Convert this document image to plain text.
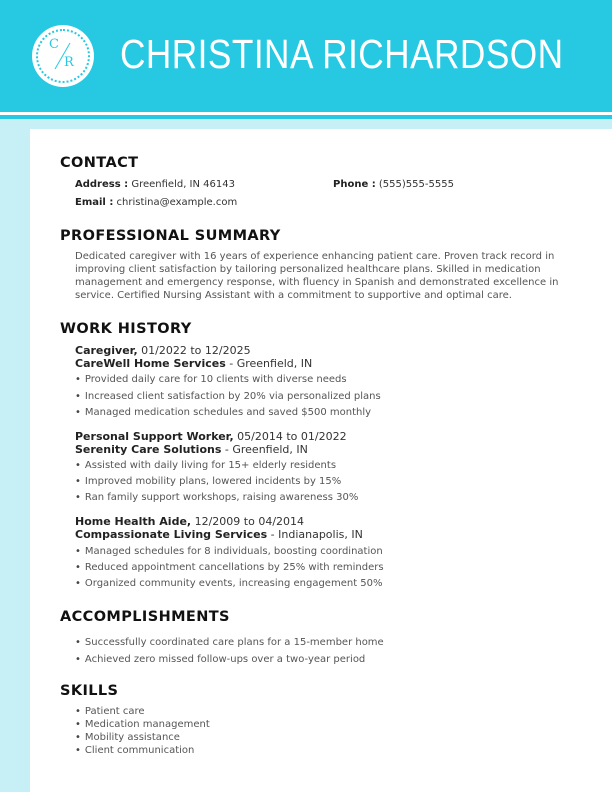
C
R CHRISTINA RICHARDSON
CONTACT
Address : Greenfield, IN 46143	Phone : (555)555-5555
Email : christina@example.com
PROFESSIONAL SUMMARY
Dedicated caregiver with 16 years of experience enhancing patient care. Proven track record in improving client satisfaction by tailoring personalized healthcare plans. Skilled in medication management and emergency response, with fluency in Spanish and demonstrated excellence in service. Certified Nursing Assistant with a commitment to supportive and optimal care.
WORK HISTORY
Caregiver, 01/2022 to 12/2025
CareWell Home Services - Greenfield, IN
• Provided daily care for 10 clients with diverse needs
• Increased client satisfaction by 20% via personalized plans
• Managed medication schedules and saved $500 monthly
Personal Support Worker, 05/2014 to 01/2022
Serenity Care Solutions - Greenfield, IN
• Assisted with daily living for 15+ elderly residents
• Improved mobility plans, lowered incidents by 15%
• Ran family support workshops, raising awareness 30%
Home Health Aide, 12/2009 to 04/2014
Compassionate Living Services - Indianapolis, IN
• Managed schedules for 8 individuals, boosting coordination
• Reduced appointment cancellations by 25% with reminders
• Organized community events, increasing engagement 50%
ACCOMPLISHMENTS
• Successfully coordinated care plans for a 15-member home
• Achieved zero missed follow-ups over a two-year period
SKILLS
• Patient care
• Medication management
• Mobility assistance
• Client communication
